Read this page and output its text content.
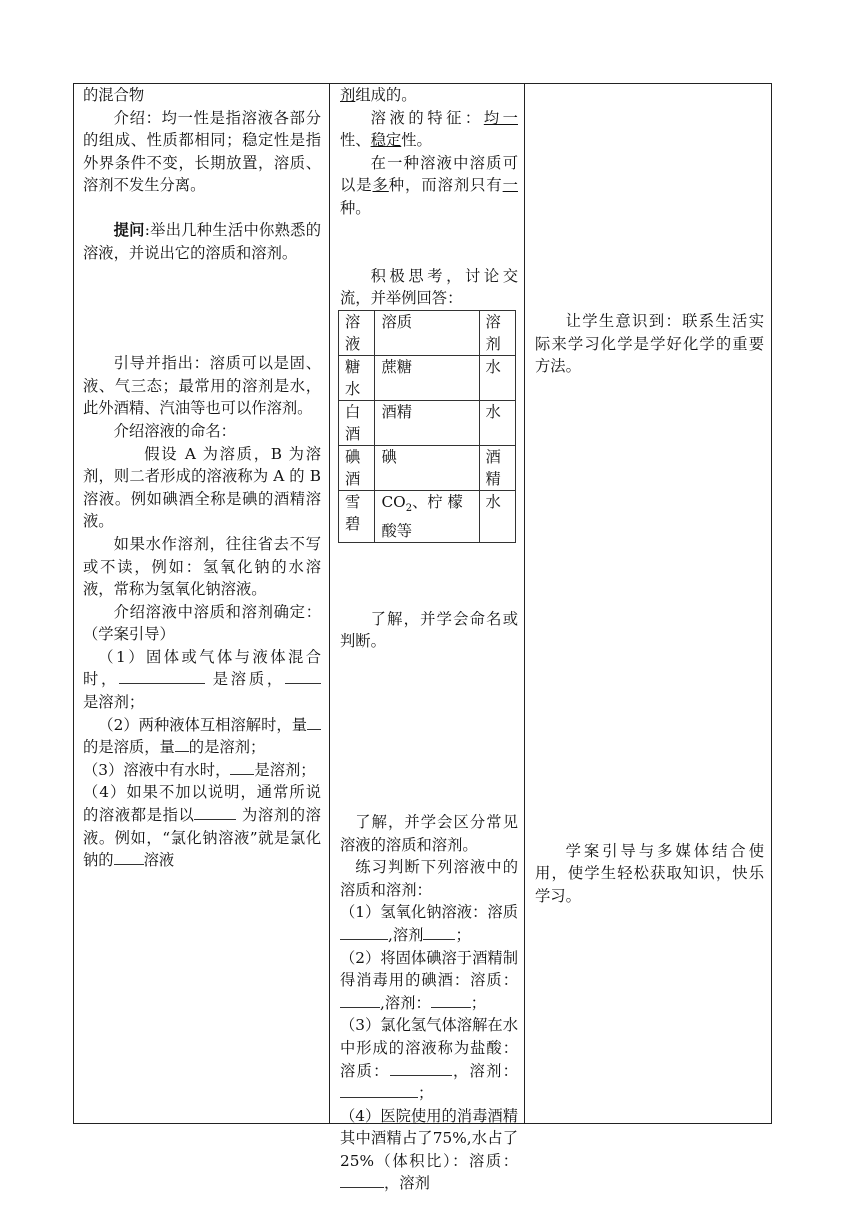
的混合物

介绍：均一性是指溶液各部分的组成、性质都相同；稳定性是指外界条件不变，长期放置，溶质、溶剂不发生分离。

提问:举出几种生活中你熟悉的溶液，并说出它的溶质和溶剂。

引导并指出：溶质可以是固、液、气三态；最常用的溶剂是水，此外酒精、汽油等也可以作溶剂。

介绍溶液的命名：

假设 A 为溶质，B 为溶剂，则二者形成的溶液称为 A 的 B 溶液。例如碘酒全称是碘的酒精溶液。

如果水作溶剂，往往省去不写或不读，例如：氢氧化钠的水溶液，常称为氢氧化钠溶液。

介绍溶液中溶质和溶剂确定：（学案引导）

（1）固体或气体与液体混合时，	是溶质， 是溶剂；

（2）两种液体互相溶解时，量的是溶质，量 的是溶剂；

（3）溶液中有水时， 是溶剂；

（4）如果不加以说明，通常所说的溶液都是指以	为溶剂的溶液。例如，“氯化钠溶液”就是氯化钠的 溶液

剂组成的。

溶液的特征：均一性、稳定性。

在一种溶液中溶质可以是多种，而溶剂只有一种。

积极思考，讨论交流，并举例回答：

溶液	溶质	溶剂
糖水	蔗糖	水
白酒	酒精	水
碘酒	碘	酒精
雪碧	$CO_2$、柠 檬 酸等	水

了解，并学会命名或判断。

了解，并学会区分常见溶液的溶质和溶剂。

练习判断下列溶液中的溶质和溶剂：

（1）氢氧化钠溶液：溶质,溶剂 ；

（2）将固体碘溶于酒精制得消毒用的碘酒：溶质：,溶剂：	；

（3）氯化氢气体溶解在水中形成的溶液称为盐酸：溶质：	，溶剂：；

（4）医院使用的消毒酒精其中酒精占了75%,水占了25%（体积比）：溶质：，溶剂

让学生意识到：联系生活实际来学习化学是学好化学的重要方法。

学案引导与多媒体结合使用，使学生轻松获取知识，快乐学习。
